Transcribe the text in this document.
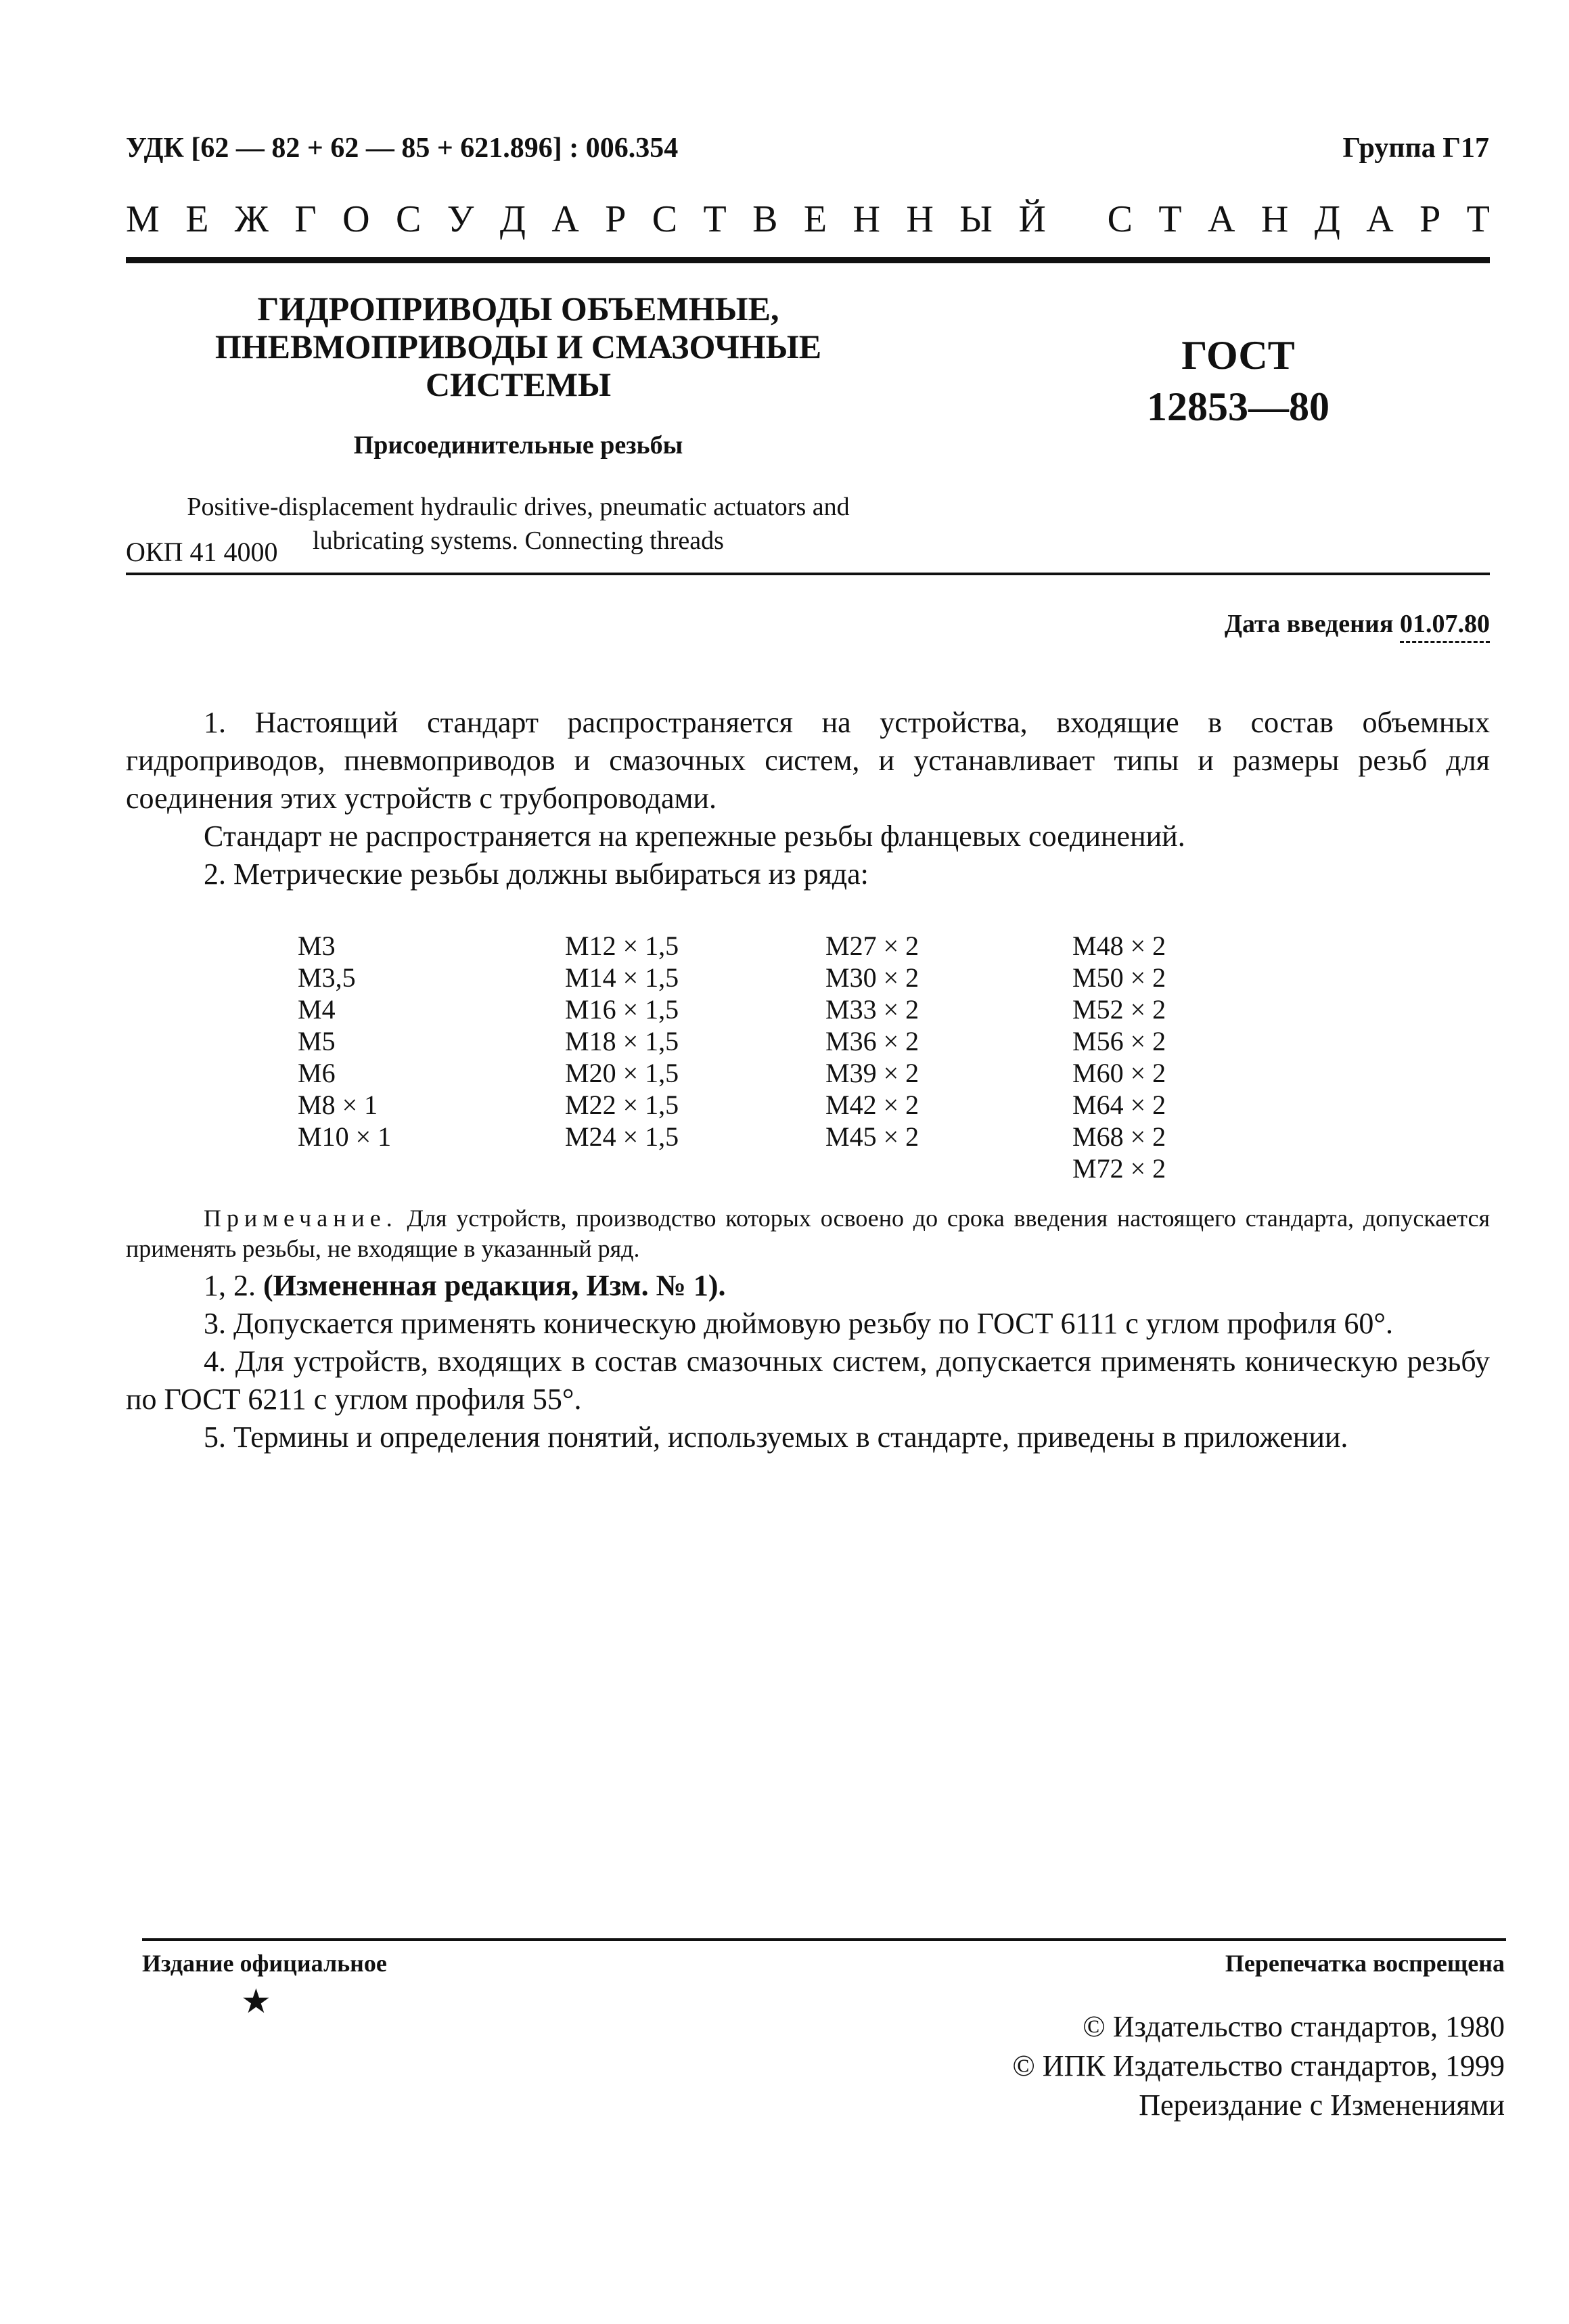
УДК [62 — 82 + 62 — 85 + 621.896] : 006.354	Группа Г17
М Е Ж Г О С У Д А Р С Т В Е Н Н Ы Й
С Т А Н Д А Р Т
ГИДРОПРИВОДЫ ОБЪЕМНЫЕ,
ПНЕВМОПРИВОДЫ И СМАЗОЧНЫЕ СИСТЕМЫ
Присоединительные резьбы
Positive-displacement hydraulic drives, pneumatic actuators and
lubricating systems. Connecting threads
ГОСТ
12853—80
ОКП 41 4000
Дата введения 01.07.80

1. Настоящий стандарт распространяется на устройства, входящие в состав объемных гидроприводов, пневмоприводов и смазочных систем, и устанавливает типы и размеры резьб для соединения этих устройств с трубопроводами.

Стандарт не распространяется на крепежные резьбы фланцевых соединений.

2. Метрические резьбы должны выбираться из ряда:

М3
М3,5
М4
М5
М6
М8 × 1
М10 × 1
М12 × 1,5
М14 × 1,5
М16 × 1,5
М18 × 1,5
М20 × 1,5
М22 × 1,5
М24 × 1,5
М27 × 2
М30 × 2
М33 × 2
М36 × 2
М39 × 2
М42 × 2
М45 × 2
М48 × 2
М50 × 2
М52 × 2
М56 × 2
М60 × 2
М64 × 2
М68 × 2
М72 × 2
Примечание. Для устройств, производство которых освоено до срока введения настоящего стандарта, допускается применять резьбы, не входящие в указанный ряд.

1, 2. (Измененная редакция, Изм. № 1).

3. Допускается применять коническую дюймовую резьбу по ГОСТ 6111 с углом профиля 60°.

4. Для устройств, входящих в состав смазочных систем, допускается применять коническую резьбу по ГОСТ 6211 с углом профиля 55°.

5. Термины и определения понятий, используемых в стандарте, приведены в приложении.

Издание официальное
★
Перепечатка воспрещена
© Издательство стандартов, 1980
© ИПК Издательство стандартов, 1999
Переиздание с Изменениями
